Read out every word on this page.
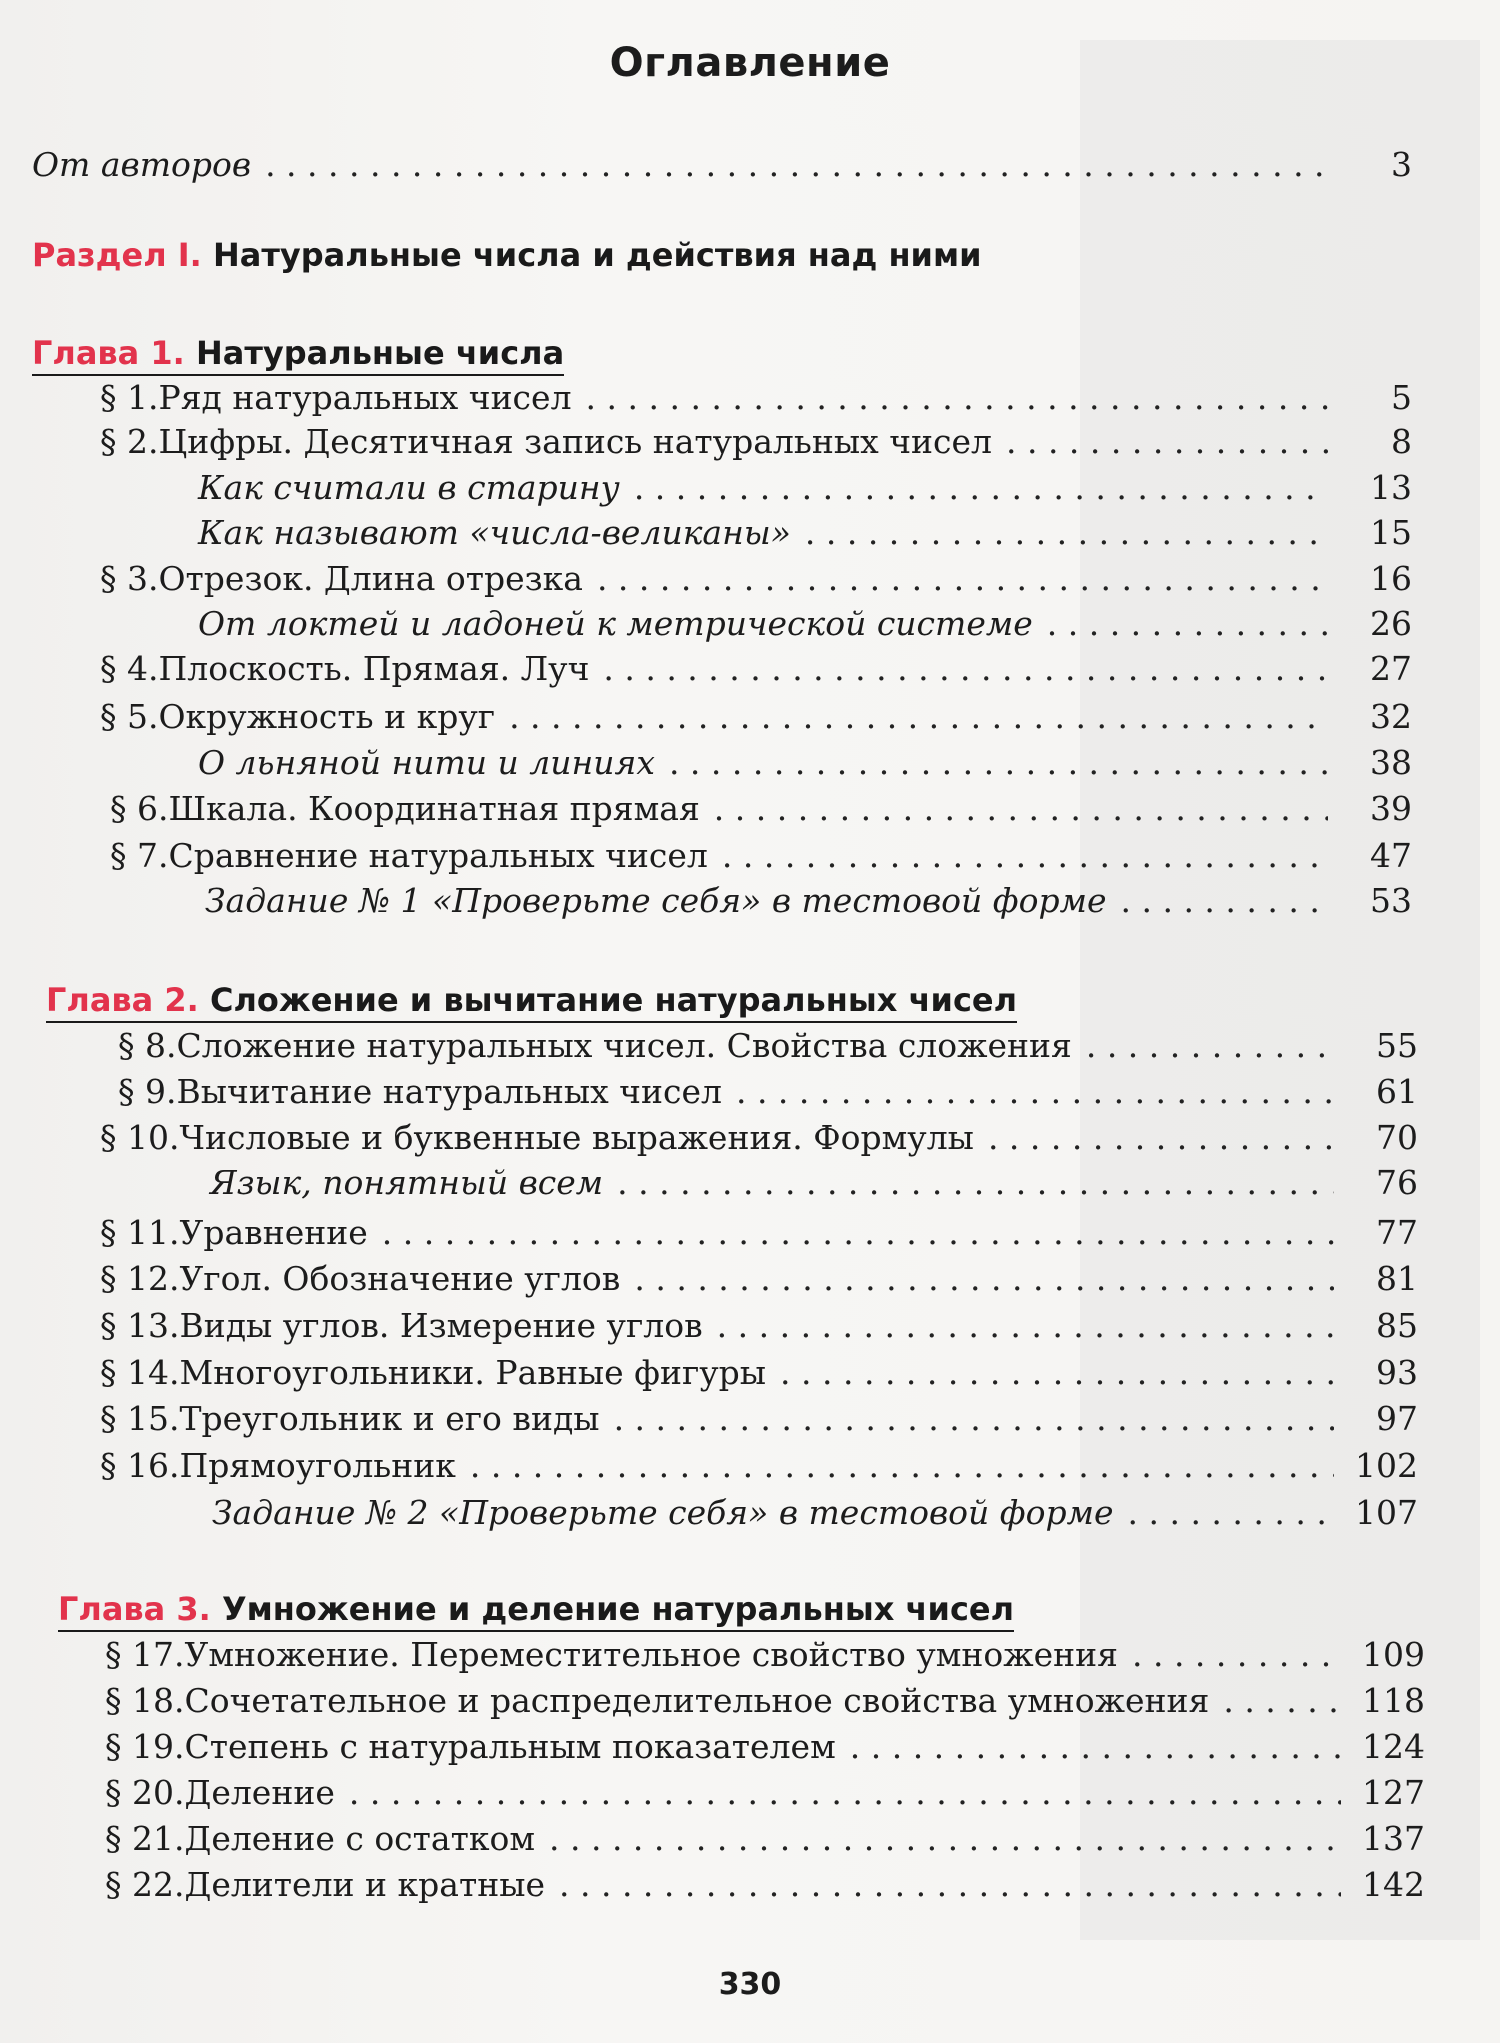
Оглавление
От авторов . . .	3
Раздел I. Натуральные числа и действия над ними
Глава 1. Натуральные числа
§ 1. Ряд натуральных чисел . . .	5
§ 2. Цифры. Десятичная запись натуральных чисел . . .	8
Как считали в старину . . .	13
Как называют «числа-великаны» . . .	15
§ 3. Отрезок. Длина отрезка . . .	16
От локтей и ладоней к метрической системе . . .	26
§ 4. Плоскость. Прямая. Луч . . .	27
§ 5. Окружность и круг . . .	32
О льняной нити и линиях . . .	38
§ 6. Шкала. Координатная прямая . . .	39
§ 7. Сравнение натуральных чисел . . .	47
Задание № 1 «Проверьте себя» в тестовой форме . . .	53
Глава 2. Сложение и вычитание натуральных чисел
§ 8. Сложение натуральных чисел. Свойства сложения . . .	55
§ 9. Вычитание натуральных чисел . . .	61
§ 10. Числовые и буквенные выражения. Формулы . . .	70
Язык, понятный всем . . .	76
§ 11. Уравнение . . .	77
§ 12. Угол. Обозначение углов . . .	81
§ 13. Виды углов. Измерение углов . . .	85
§ 14. Многоугольники. Равные фигуры . . .	93
§ 15. Треугольник и его виды . . .	97
§ 16. Прямоугольник . . .	102
Задание № 2 «Проверьте себя» в тестовой форме . . .	107
Глава 3. Умножение и деление натуральных чисел
§ 17. Умножение. Переместительное свойство умножения . . .	109
§ 18. Сочетательное и распределительное свойства умножения . . .	118
§ 19. Степень с натуральным показателем . . .	124
§ 20. Деление . . .	127
§ 21. Деление с остатком . . .	137
§ 22. Делители и кратные . . .	142
330
